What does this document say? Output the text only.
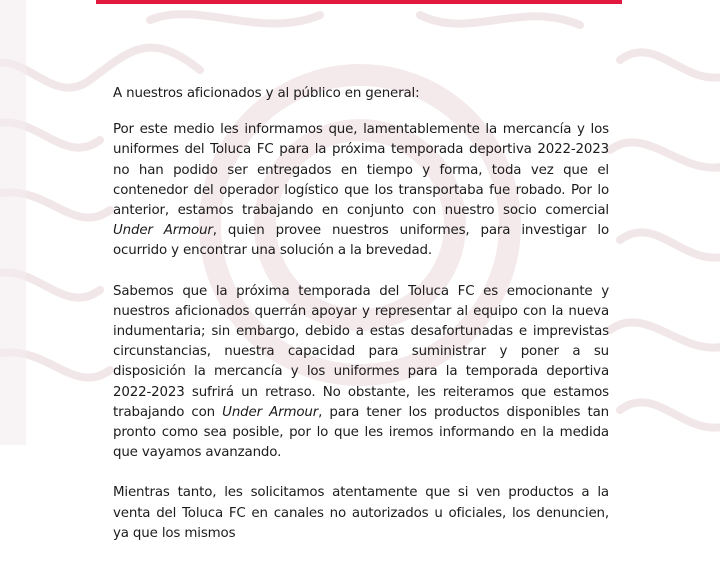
A nuestros aficionados y al público en general:

Por este medio les informamos que, lamentablemente la mercancía y los uniformes del Toluca FC para la próxima temporada deportiva 2022-2023 no han podido ser entregados en tiempo y forma, toda vez que el contenedor del operador logístico que los transportaba fue robado. Por lo anterior, estamos trabajando en conjunto con nuestro socio comercial Under Armour, quien provee nuestros uniformes, para investigar lo ocurrido y encontrar una solución a la brevedad.

Sabemos que la próxima temporada del Toluca FC es emocionante y nuestros aficionados querrán apoyar y representar al equipo con la nueva indumentaria; sin embargo, debido a estas desafortunadas e imprevistas circunstancias, nuestra capacidad para suministrar y poner a su disposición la mercancía y los uniformes para la temporada deportiva 2022-2023 sufrirá un retraso. No obstante, les reiteramos que estamos trabajando con Under Armour, para tener los productos disponibles tan pronto como sea posible, por lo que les iremos informando en la medida que vayamos avanzando.

Mientras tanto, les solicitamos atentamente que si ven productos a la venta del Toluca FC en canales no autorizados u oficiales, los denuncien, ya que los mismos
